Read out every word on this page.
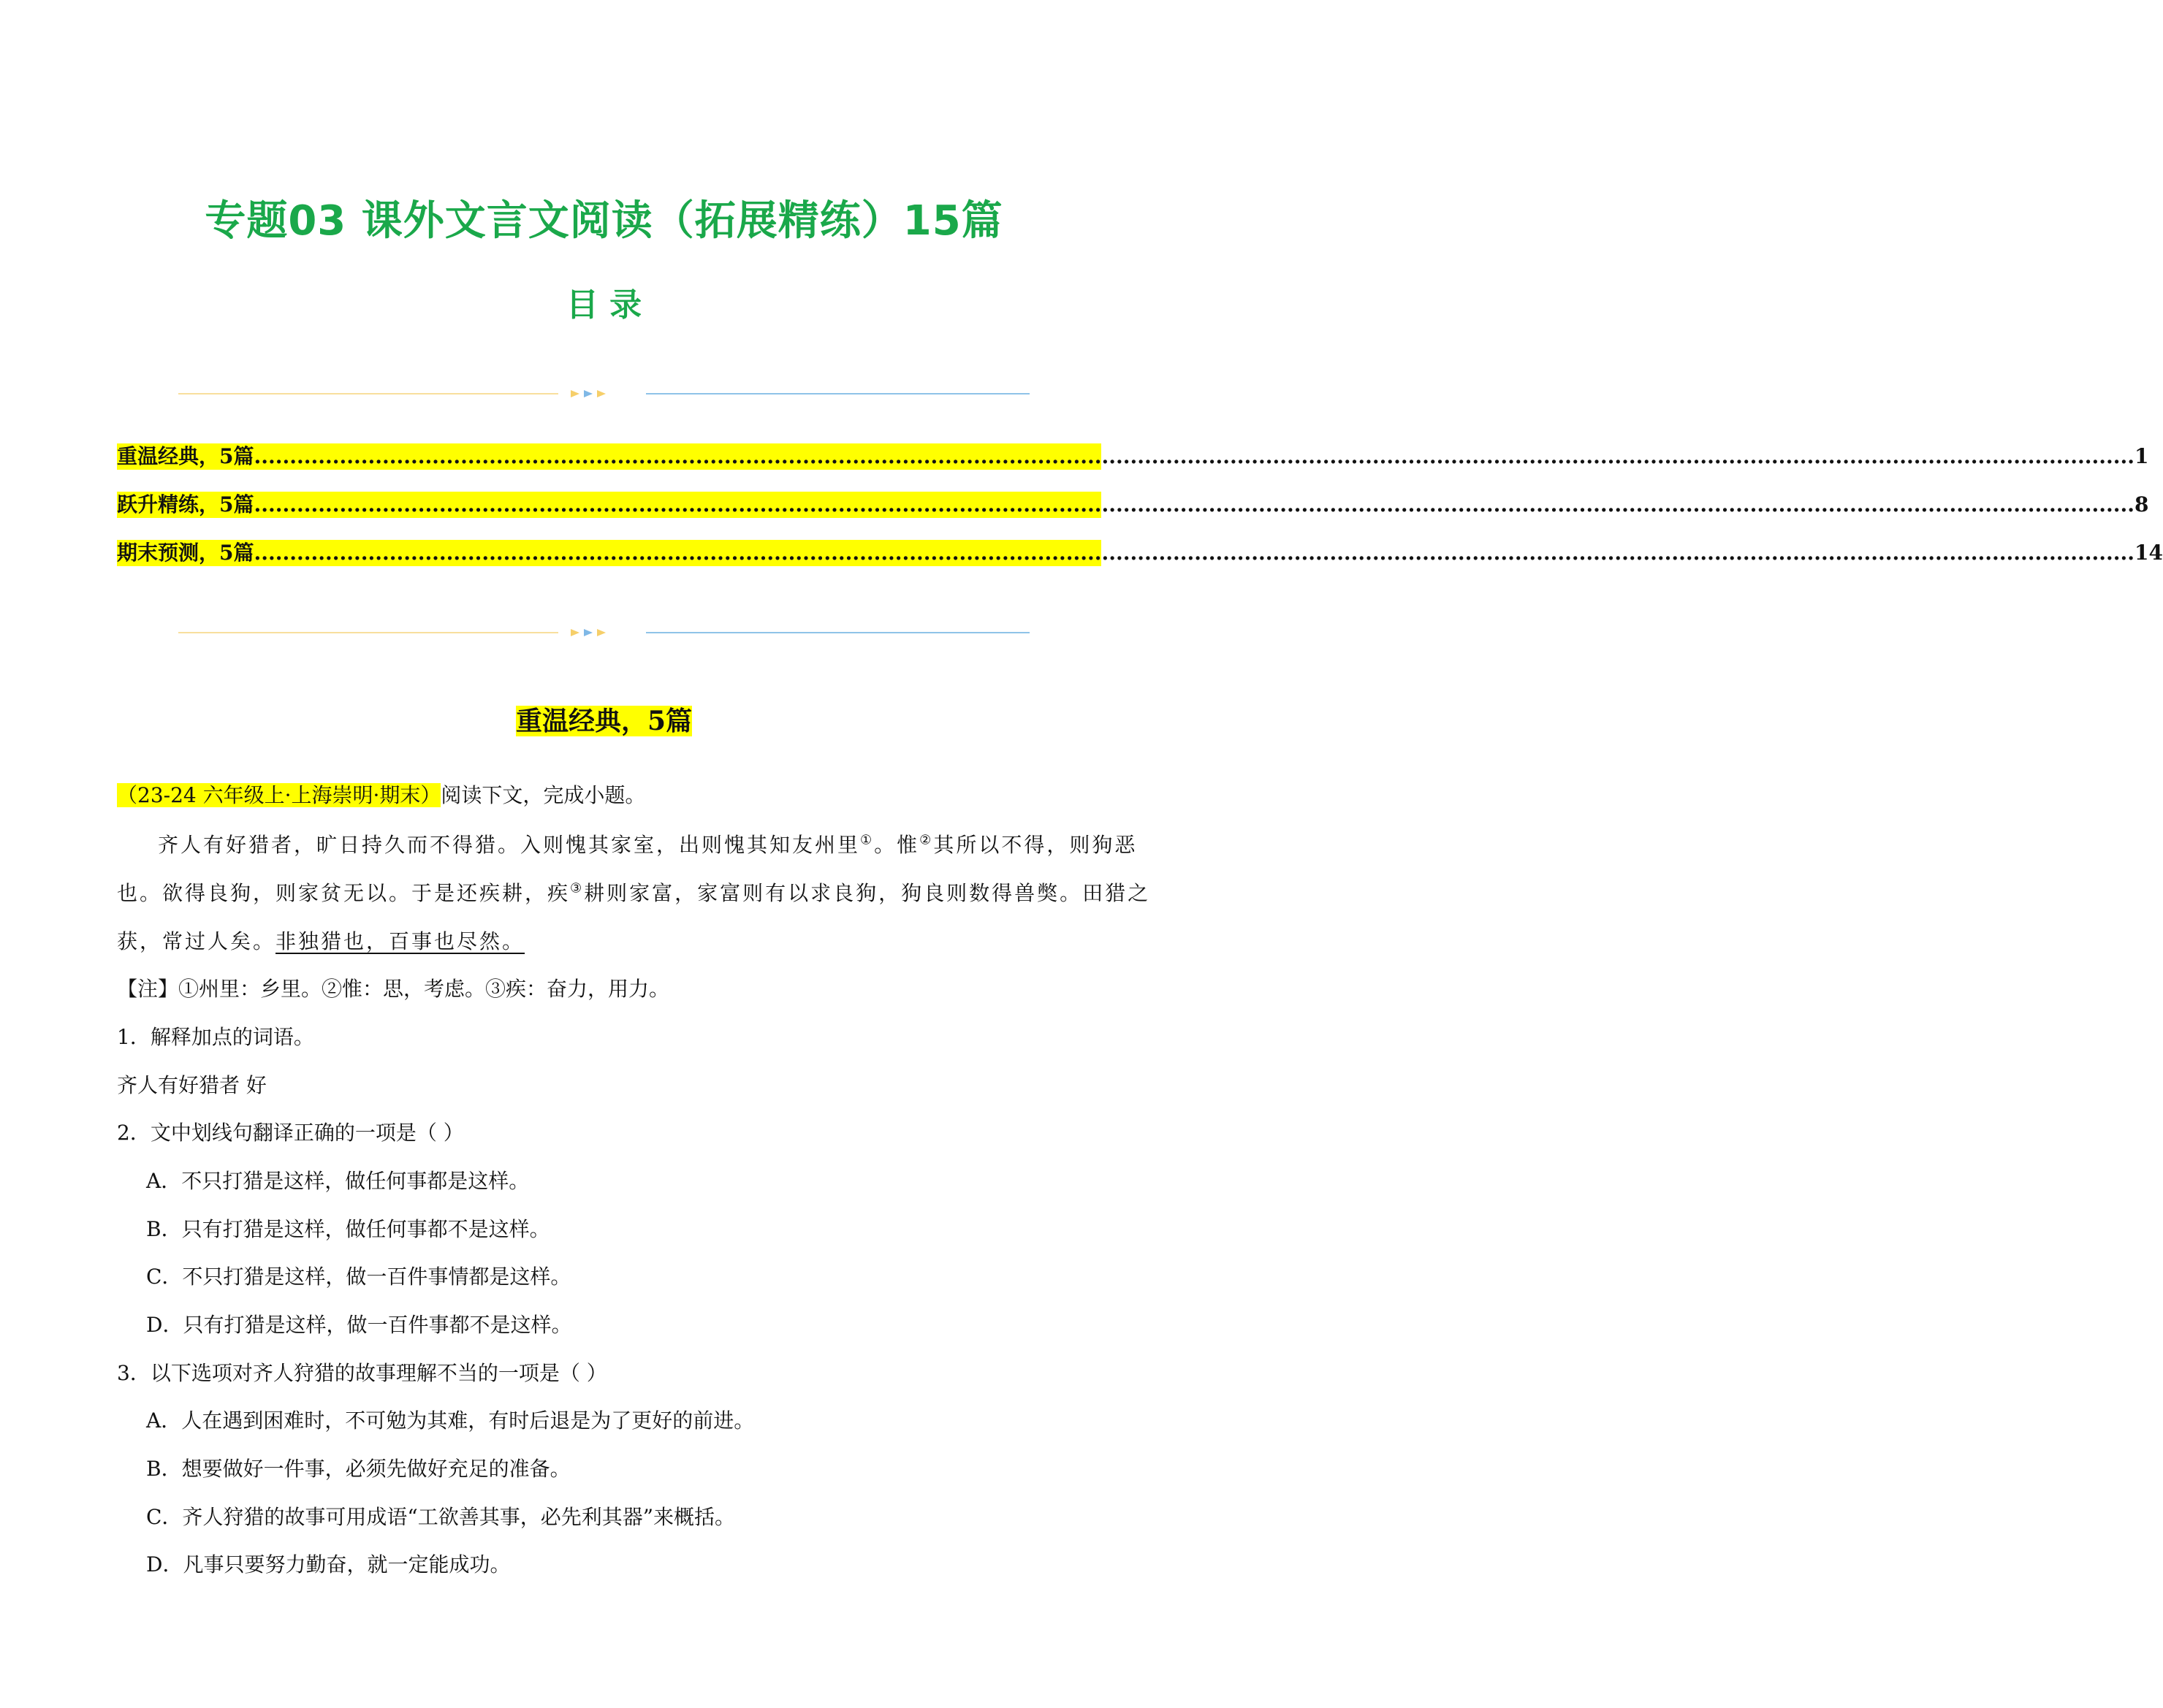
专题03 课外文言文阅读（拓展精练）15篇
目 录
重温经典，5篇 ........................................................................................................................................................................................................................................................................ 1
跃升精练，5篇 ........................................................................................................................................................................................................................................................................ 8
期末预测，5篇 ........................................................................................................................................................................................................................................................................ 14
重温经典，5篇
（23-24 六年级上·上海崇明·期末）阅读下文，完成小题。
齐人有好猎者，旷日持久而不得猎。入则愧其家室，出则愧其知友州里①。惟②其所以不得，则狗恶
也。欲得良狗，则家贫无以。于是还疾耕，疾③耕则家富，家富则有以求良狗，狗良则数得兽獘。田猎之
获，常过人矣。非独猎也，百事也尽然。
【注】①州里：乡里。②惟：思，考虑。③疾：奋力，用力。
1．解释加点的词语。
齐人有好猎者 好
2．文中划线句翻译正确的一项是（ ）
A．不只打猎是这样，做任何事都是这样。
B．只有打猎是这样，做任何事都不是这样。
C．不只打猎是这样，做一百件事情都是这样。
D．只有打猎是这样，做一百件事都不是这样。
3．以下选项对齐人狩猎的故事理解不当的一项是（ ）
A．人在遇到困难时，不可勉为其难，有时后退是为了更好的前进。
B．想要做好一件事，必须先做好充足的准备。
C．齐人狩猎的故事可用成语“工欲善其事，必先利其器”来概括。
D．凡事只要努力勤奋，就一定能成功。
